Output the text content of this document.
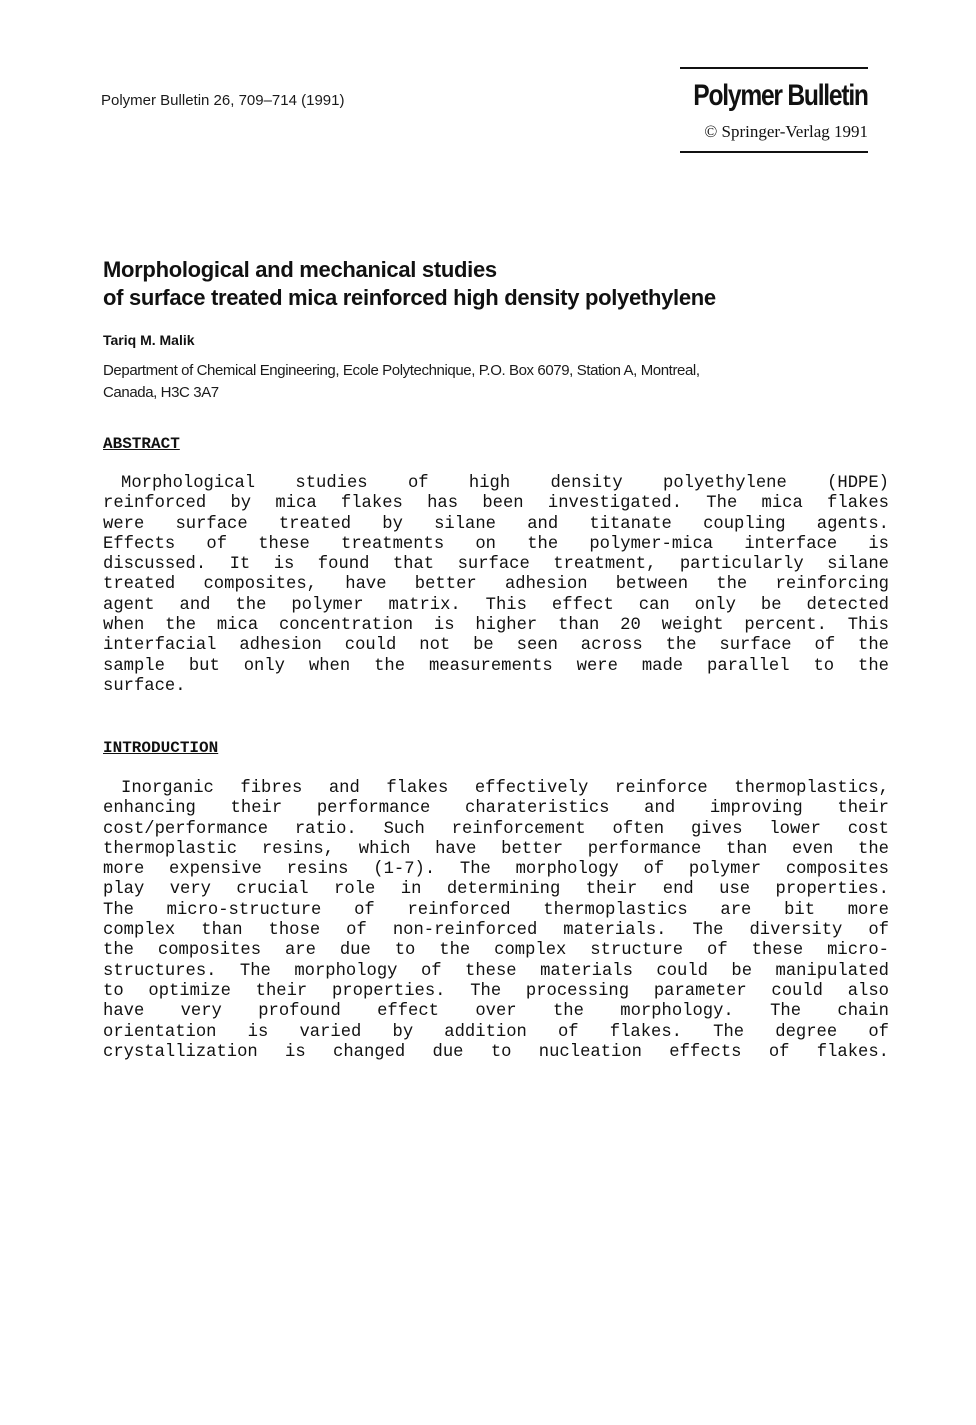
Polymer Bulletin 26, 709–714 (1991)	Polymer Bulletin
© Springer-Verlag 1991
Morphological and mechanical studies
of surface treated mica reinforced high density polyethylene
Tariq M. Malik
Department of Chemical Engineering, Ecole Polytechnique, P.O. Box 6079, Station A, Montreal,
Canada, H3C 3A7
ABSTRACT
Morphological studies of high density polyethylene (HDPE)
reinforced by mica flakes has been investigated. The mica flakes
were surface treated by silane and titanate coupling agents.
Effects of these treatments on the polymer-mica interface is
discussed. It is found that surface treatment, particularly silane
treated composites, have better adhesion between the reinforcing
agent and the polymer matrix. This effect can only be detected
when the mica concentration is higher than 20 weight percent. This
interfacial adhesion could not be seen across the surface of the
sample but only when the measurements were made parallel to the
surface.
INTRODUCTION
Inorganic fibres and flakes effectively reinforce thermoplastics,
enhancing their performance charateristics and improving their
cost/performance ratio. Such reinforcement often gives lower cost
thermoplastic resins, which have better performance than even the
more expensive resins (1-7). The morphology of polymer composites
play very crucial role in determining their end use properties.
The micro-structure of reinforced thermoplastics are bit more
complex than those of non-reinforced materials. The diversity of
the composites are due to the complex structure of these micro-
structures. The morphology of these materials could be manipulated
to optimize their properties. The processing parameter could also
have very profound effect over the morphology. The chain
orientation is varied by addition of flakes. The degree of
crystallization is changed due to nucleation effects of flakes.
